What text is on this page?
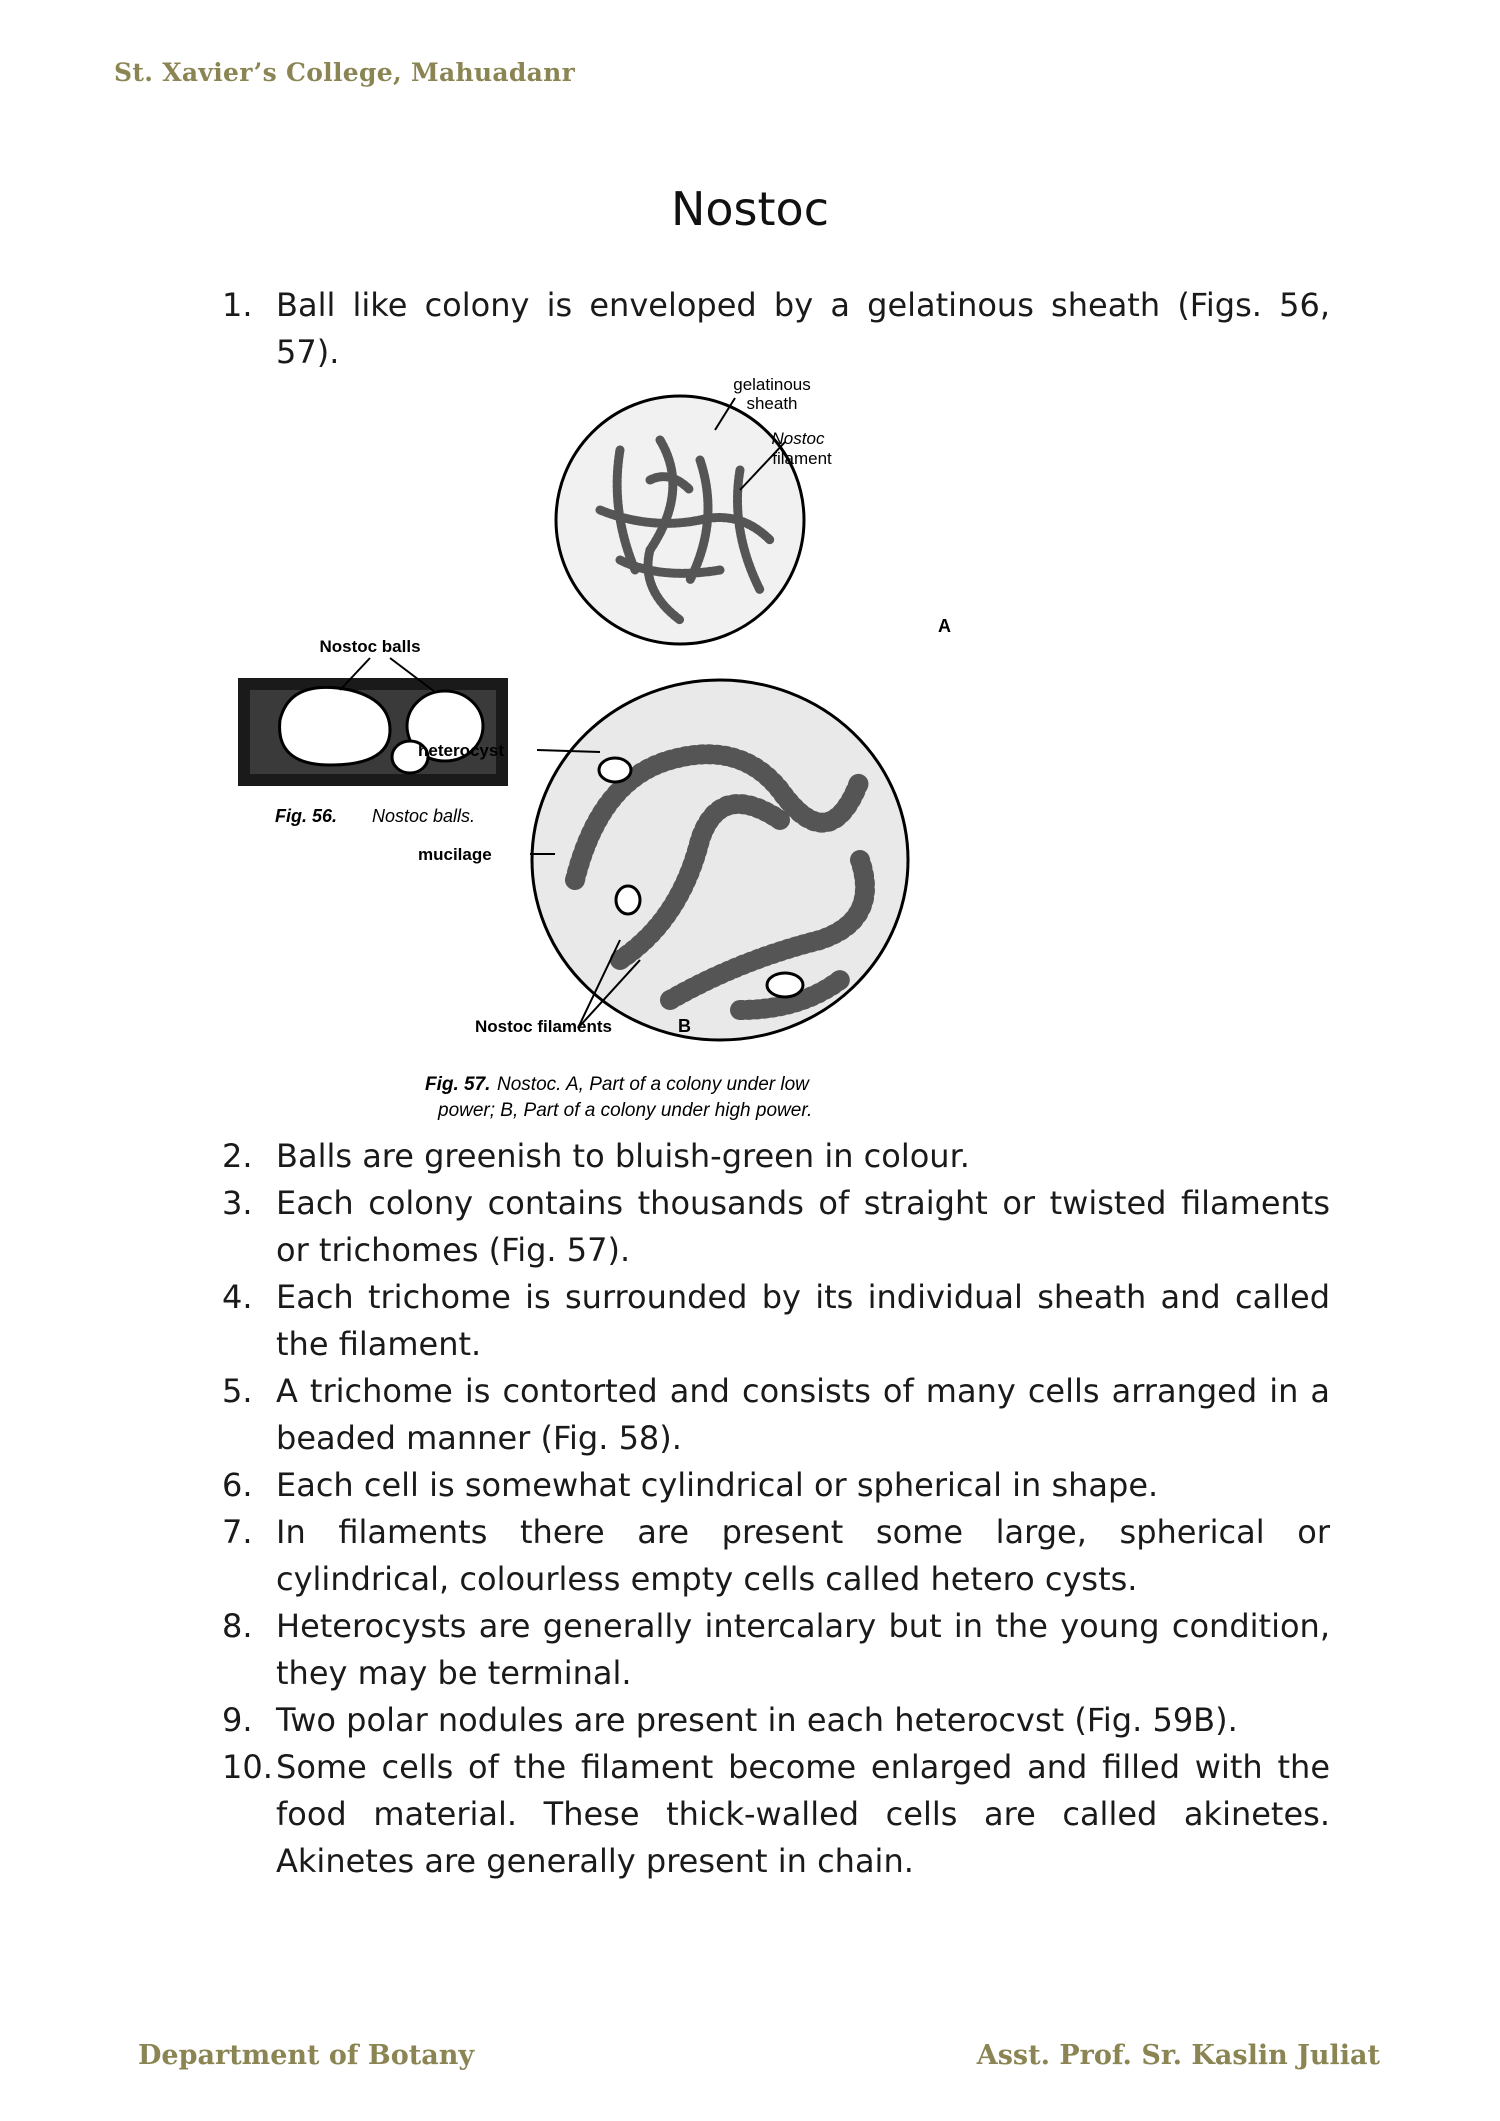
St. Xavier’s College, Mahuadanr
Nostoc
1. Ball like colony is enveloped by a gelatinous sheath (Figs. 56, 57).
Nostoc balls
Fig. 56. Nostoc balls.
gelatinous
sheath
Nostoc
filament
A
heterocyst
mucilage
Nostoc filaments	B
Fig. 57. Nostoc. A, Part of a colony under low
power; B, Part of a colony under high power.
2. Balls are greenish to bluish-green in colour.
3. Each colony contains thousands of straight or twisted filaments or trichomes (Fig. 57).
4. Each trichome is surrounded by its individual sheath and called the filament.
5. A trichome is contorted and consists of many cells arranged in a beaded manner (Fig. 58).
6. Each cell is somewhat cylindrical or spherical in shape.
7. In filaments there are present some large, spherical or cylindrical, colourless empty cells called hetero cysts.
8. Heterocysts are generally intercalary but in the young condition, they may be terminal.
9. Two polar nodules are present in each heterocvst (Fig. 59B).
10. Some cells of the filament become enlarged and filled with the food material. These thick-walled cells are called akinetes. Akinetes are generally present in chain.
Department of Botany	Asst. Prof. Sr. Kaslin Juliat
